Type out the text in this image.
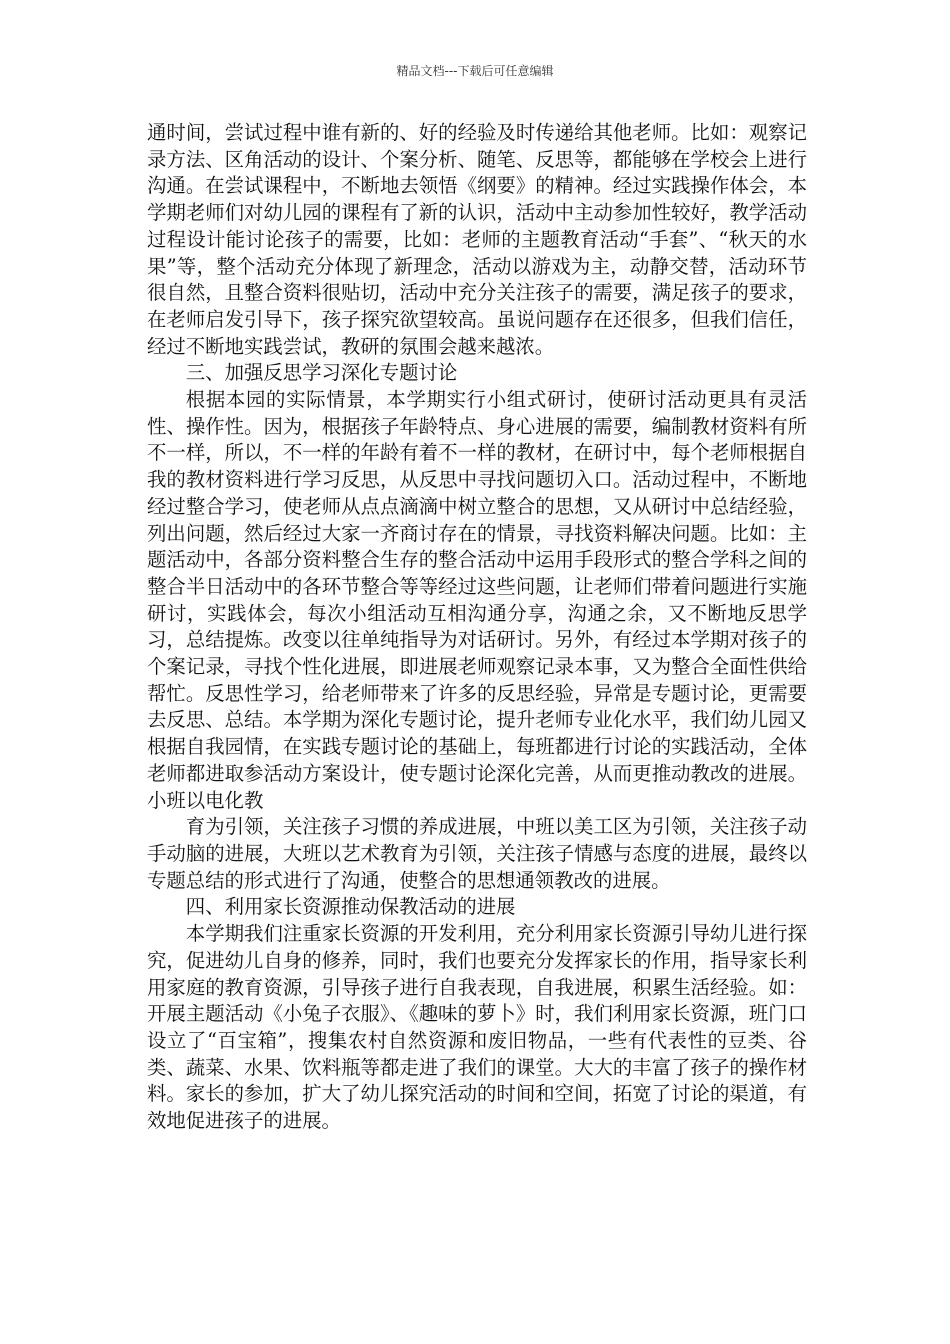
精品文档---下载后可任意编辑

通时间，尝试过程中谁有新的、好的经验及时传递给其他老师。比如：观察记录方法、区角活动的设计、个案分析、随笔、反思等，都能够在学校会上进行沟通。在尝试课程中，不断地去领悟《纲要》的精神。经过实践操作体会，本学期老师们对幼儿园的课程有了新的认识，活动中主动参加性较好，教学活动过程设计能讨论孩子的需要，比如：老师的主题教育活动“手套”、“秋天的水果”等，整个活动充分体现了新理念，活动以游戏为主，动静交替，活动环节很自然，且整合资料很贴切，活动中充分关注孩子的需要，满足孩子的要求，在老师启发引导下，孩子探究欲望较高。虽说问题存在还很多，但我们信任，经过不断地实践尝试，教研的氛围会越来越浓。

三、加强反思学习深化专题讨论

根据本园的实际情景，本学期实行小组式研讨，使研讨活动更具有灵活性、操作性。因为，根据孩子年龄特点、身心进展的需要，编制教材资料有所不一样，所以，不一样的年龄有着不一样的教材，在研讨中，每个老师根据自我的教材资料进行学习反思，从反思中寻找问题切入口。活动过程中，不断地经过整合学习，使老师从点点滴滴中树立整合的思想，又从研讨中总结经验，列出问题，然后经过大家一齐商讨存在的情景，寻找资料解决问题。比如：主题活动中，各部分资料整合生存的整合活动中运用手段形式的整合学科之间的整合半日活动中的各环节整合等等经过这些问题，让老师们带着问题进行实施研讨，实践体会，每次小组活动互相沟通分享，沟通之余，又不断地反思学习，总结提炼。改变以往单纯指导为对话研讨。另外，有经过本学期对孩子的个案记录，寻找个性化进展，即进展老师观察记录本事，又为整合全面性供给帮忙。反思性学习，给老师带来了许多的反思经验，异常是专题讨论，更需要去反思、总结。本学期为深化专题讨论，提升老师专业化水平，我们幼儿园又根据自我园情，在实践专题讨论的基础上，每班都进行讨论的实践活动，全体老师都进取参活动方案设计，使专题讨论深化完善，从而更推动教改的进展。小班以电化教

育为引领，关注孩子习惯的养成进展，中班以美工区为引领，关注孩子动手动脑的进展，大班以艺术教育为引领，关注孩子情感与态度的进展，最终以专题总结的形式进行了沟通，使整合的思想通领教改的进展。

四、利用家长资源推动保教活动的进展

本学期我们注重家长资源的开发利用，充分利用家长资源引导幼儿进行探究，促进幼儿自身的修养，同时，我们也要充分发挥家长的作用，指导家长利用家庭的教育资源，引导孩子进行自我表现，自我进展，积累生活经验。如：开展主题活动《小兔子衣服》、《趣味的萝卜》时，我们利用家长资源，班门口设立了“百宝箱”，搜集农村自然资源和废旧物品，一些有代表性的豆类、谷类、蔬菜、水果、饮料瓶等都走进了我们的课堂。大大的丰富了孩子的操作材料。家长的参加，扩大了幼儿探究活动的时间和空间，拓宽了讨论的渠道，有效地促进孩子的进展。
